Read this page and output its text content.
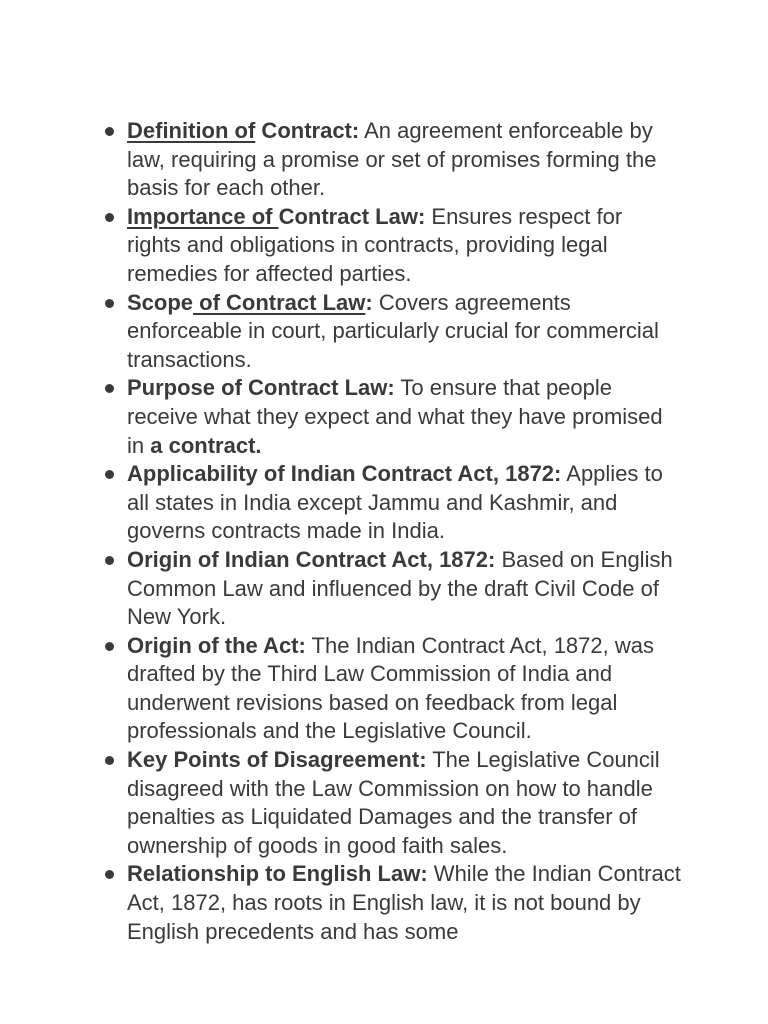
Definition of Contract: An agreement enforceable by law, requiring a promise or set of promises forming the basis for each other.
Importance of Contract Law: Ensures respect for rights and obligations in contracts, providing legal remedies for affected parties.
Scope of Contract Law: Covers agreements enforceable in court, particularly crucial for commercial transactions.
Purpose of Contract Law: To ensure that people receive what they expect and what they have promised in a contract.
Applicability of Indian Contract Act, 1872: Applies to all states in India except Jammu and Kashmir, and governs contracts made in India.
Origin of Indian Contract Act, 1872: Based on English Common Law and influenced by the draft Civil Code of New York.
Origin of the Act: The Indian Contract Act, 1872, was drafted by the Third Law Commission of India and underwent revisions based on feedback from legal professionals and the Legislative Council.
Key Points of Disagreement: The Legislative Council disagreed with the Law Commission on how to handle penalties as Liquidated Damages and the transfer of ownership of goods in good faith sales.
Relationship to English Law: While the Indian Contract Act, 1872, has roots in English law, it is not bound by English precedents and has some
